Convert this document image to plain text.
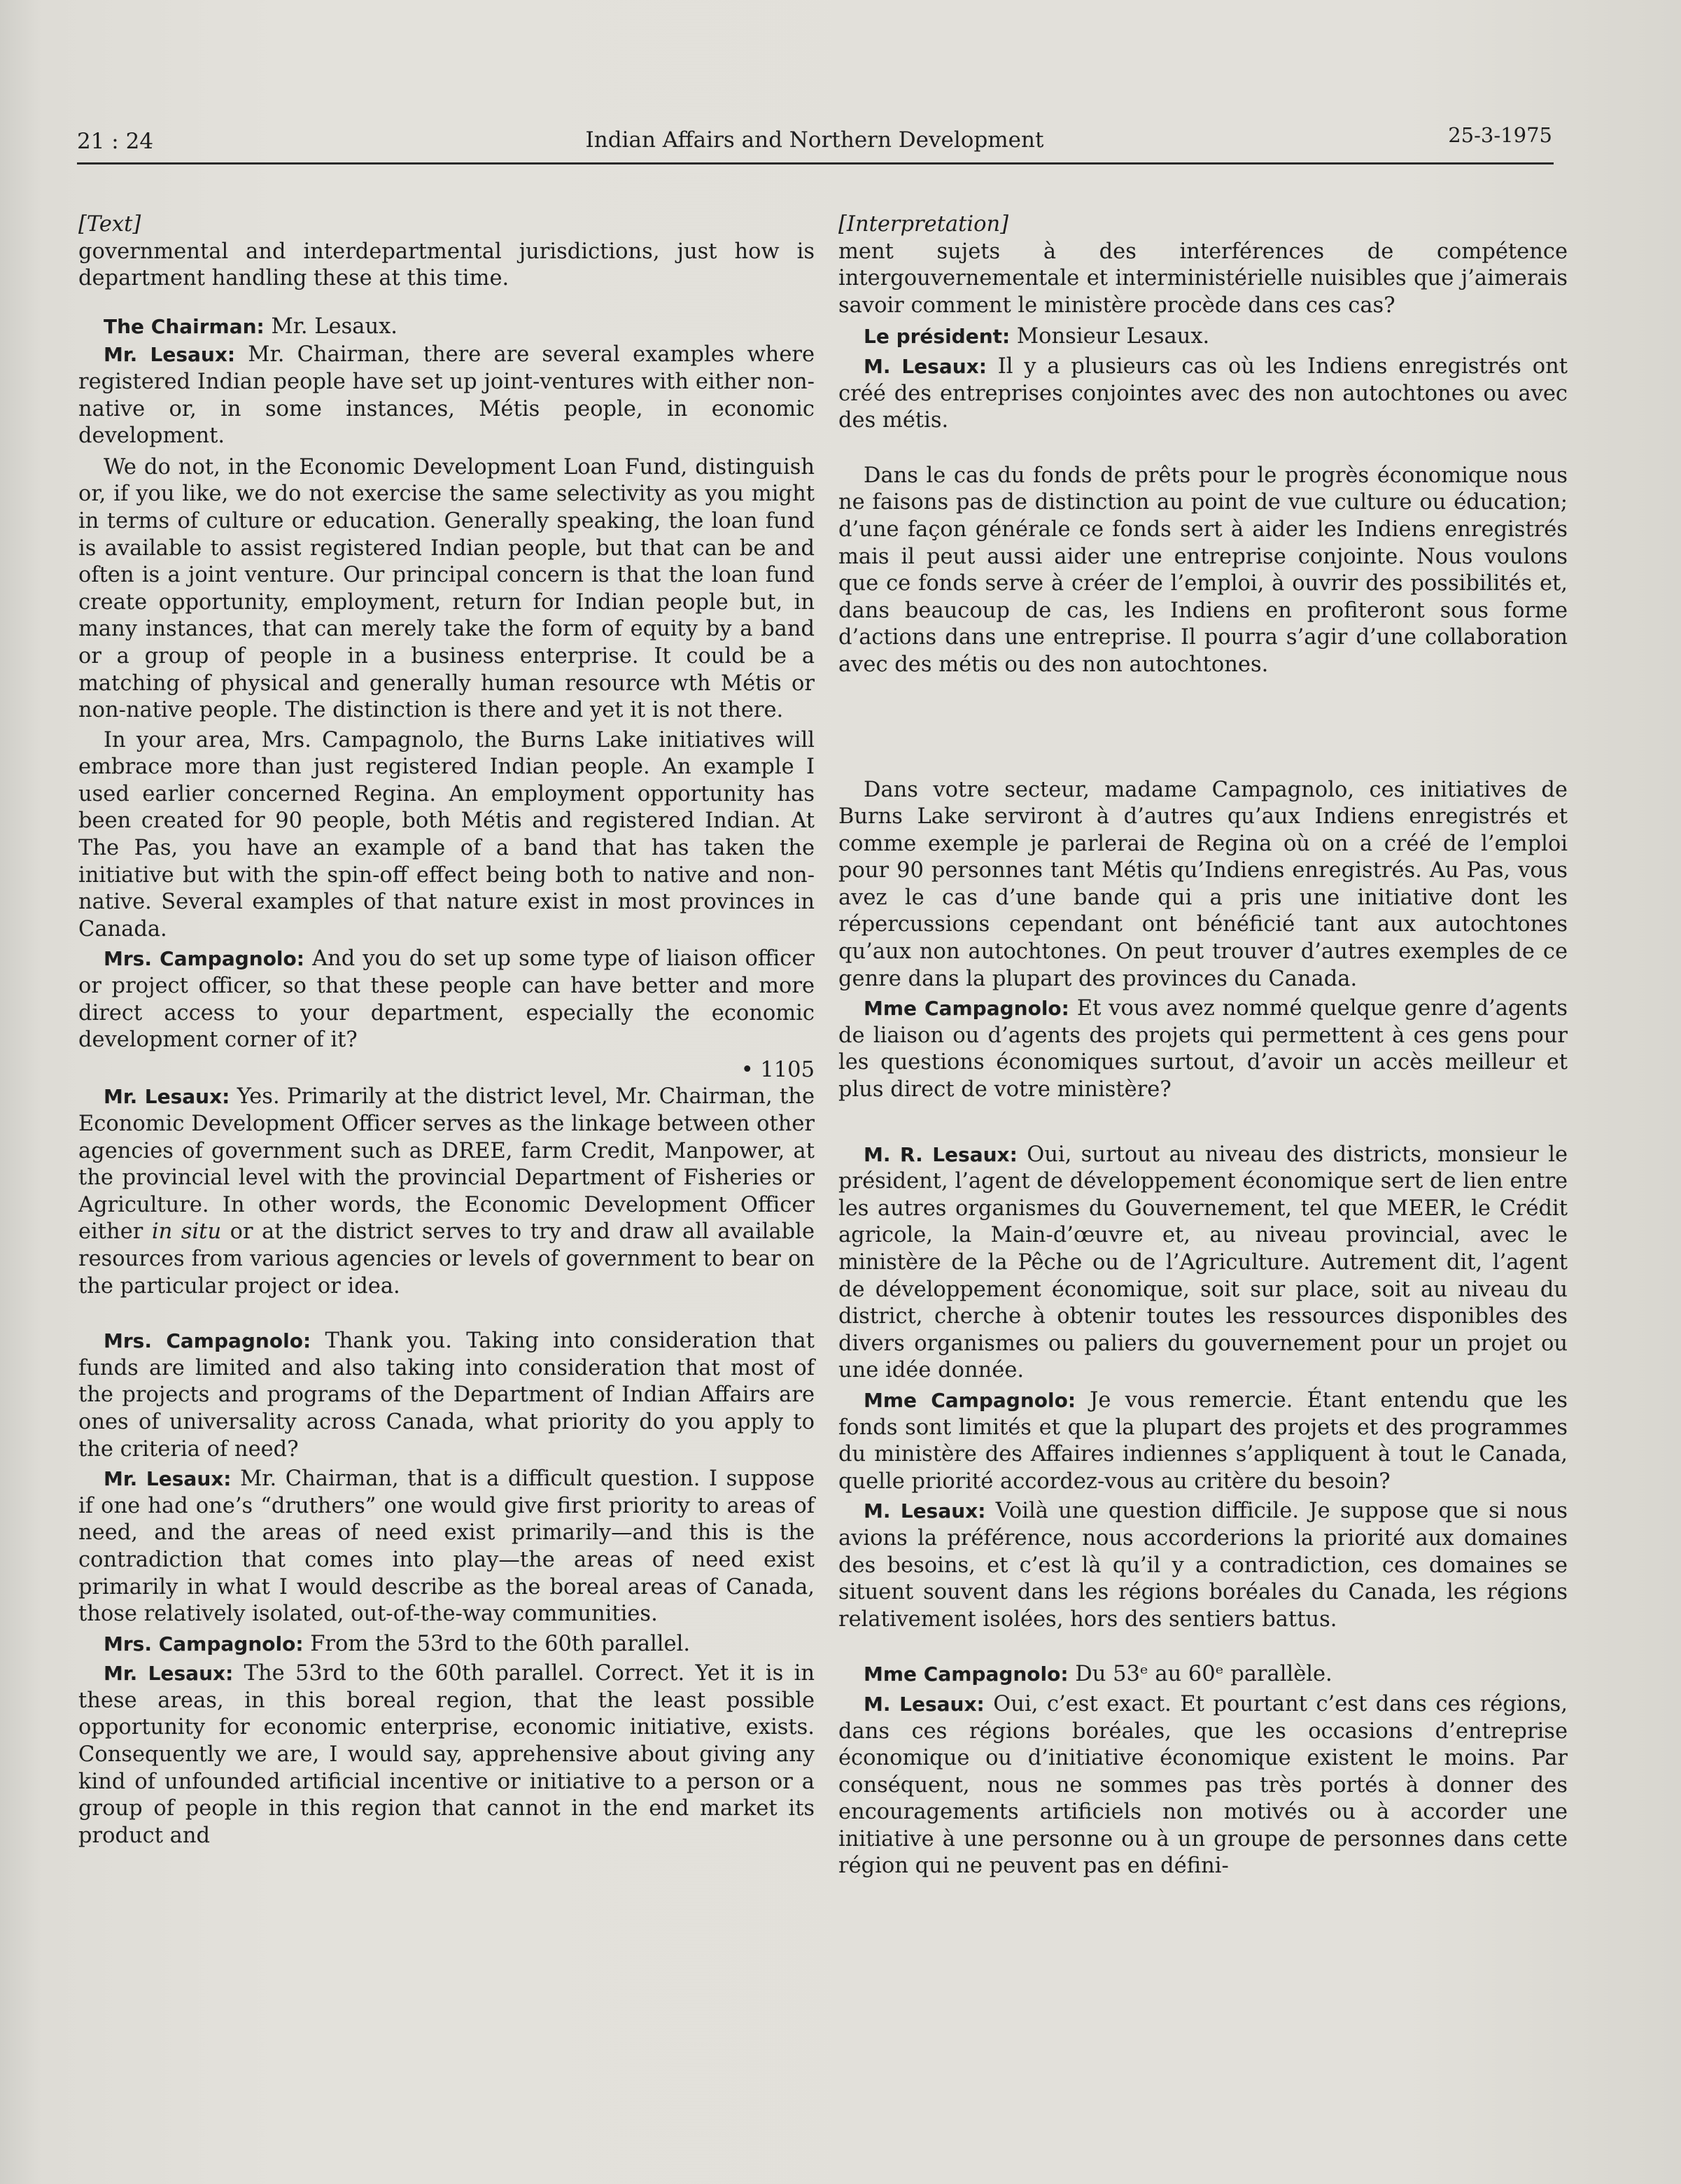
21 : 24	Indian Affairs and Northern Development	25-3-1975

[Text]

governmental and interdepartmental jurisdictions, just how is department handling these at this time.

The Chairman: Mr. Lesaux.

Mr. Lesaux: Mr. Chairman, there are several examples where registered Indian people have set up joint-ventures with either non-native or, in some instances, Métis people, in economic development.

We do not, in the Economic Development Loan Fund, distinguish or, if you like, we do not exercise the same selectivity as you might in terms of culture or education. Generally speaking, the loan fund is available to assist registered Indian people, but that can be and often is a joint venture. Our principal concern is that the loan fund create opportunity, employment, return for Indian people but, in many instances, that can merely take the form of equity by a band or a group of people in a business enterprise. It could be a matching of physical and generally human resource wth Métis or non-native people. The distinction is there and yet it is not there.

In your area, Mrs. Campagnolo, the Burns Lake initiatives will embrace more than just registered Indian people. An example I used earlier concerned Regina. An employment opportunity has been created for 90 people, both Métis and registered Indian. At The Pas, you have an example of a band that has taken the initiative but with the spin-off effect being both to native and non-native. Several examples of that nature exist in most provinces in Canada.

Mrs. Campagnolo: And you do set up some type of liaison officer or project officer, so that these people can have better and more direct access to your department, especially the economic development corner of it?

• 1105

Mr. Lesaux: Yes. Primarily at the district level, Mr. Chairman, the Economic Development Officer serves as the linkage between other agencies of government such as DREE, farm Credit, Manpower, at the provincial level with the provincial Department of Fisheries or Agriculture. In other words, the Economic Development Officer either in situ or at the district serves to try and draw all available resources from various agencies or levels of government to bear on the particular project or idea.

Mrs. Campagnolo: Thank you. Taking into consideration that funds are limited and also taking into consideration that most of the projects and programs of the Department of Indian Affairs are ones of universality across Canada, what priority do you apply to the criteria of need?

Mr. Lesaux: Mr. Chairman, that is a difficult question. I suppose if one had one’s “druthers” one would give first priority to areas of need, and the areas of need exist primarily—and this is the contradiction that comes into play—the areas of need exist primarily in what I would describe as the boreal areas of Canada, those relatively isolated, out-of-the-way communities.

Mrs. Campagnolo: From the 53rd to the 60th parallel.

Mr. Lesaux: The 53rd to the 60th parallel. Correct. Yet it is in these areas, in this boreal region, that the least possible opportunity for economic enterprise, economic initiative, exists. Consequently we are, I would say, apprehensive about giving any kind of unfounded artificial incentive or initiative to a person or a group of people in this region that cannot in the end market its product and

[Interpretation]

ment sujets à des interférences de compétence intergouvernementale et interministérielle nuisibles que j’aimerais savoir comment le ministère procède dans ces cas?

Le président: Monsieur Lesaux.

M. Lesaux: Il y a plusieurs cas où les Indiens enregistrés ont créé des entreprises conjointes avec des non autochtones ou avec des métis.

Dans le cas du fonds de prêts pour le progrès économique nous ne faisons pas de distinction au point de vue culture ou éducation; d’une façon générale ce fonds sert à aider les Indiens enregistrés mais il peut aussi aider une entreprise conjointe. Nous voulons que ce fonds serve à créer de l’emploi, à ouvrir des possibilités et, dans beaucoup de cas, les Indiens en profiteront sous forme d’actions dans une entreprise. Il pourra s’agir d’une collaboration avec des métis ou des non autochtones.

Dans votre secteur, madame Campagnolo, ces initiatives de Burns Lake serviront à d’autres qu’aux Indiens enregistrés et comme exemple je parlerai de Regina où on a créé de l’emploi pour 90 personnes tant Métis qu’Indiens enregistrés. Au Pas, vous avez le cas d’une bande qui a pris une initiative dont les répercussions cependant ont bénéficié tant aux autochtones qu’aux non autochtones. On peut trouver d’autres exemples de ce genre dans la plupart des provinces du Canada.

Mme Campagnolo: Et vous avez nommé quelque genre d’agents de liaison ou d’agents des projets qui permettent à ces gens pour les questions économiques surtout, d’avoir un accès meilleur et plus direct de votre ministère?

M. R. Lesaux: Oui, surtout au niveau des districts, monsieur le président, l’agent de développement économique sert de lien entre les autres organismes du Gouvernement, tel que MEER, le Crédit agricole, la Main-d’œuvre et, au niveau provincial, avec le ministère de la Pêche ou de l’Agriculture. Autrement dit, l’agent de développement économique, soit sur place, soit au niveau du district, cherche à obtenir toutes les ressources disponibles des divers organismes ou paliers du gouvernement pour un projet ou une idée donnée.

Mme Campagnolo: Je vous remercie. Étant entendu que les fonds sont limités et que la plupart des projets et des programmes du ministère des Affaires indiennes s’appliquent à tout le Canada, quelle priorité accordez-vous au critère du besoin?

M. Lesaux: Voilà une question difficile. Je suppose que si nous avions la préférence, nous accorderions la priorité aux domaines des besoins, et c’est là qu’il y a contradiction, ces domaines se situent souvent dans les régions boréales du Canada, les régions relativement isolées, hors des sentiers battus.

Mme Campagnolo: Du 53ᵉ au 60ᵉ parallèle.

M. Lesaux: Oui, c’est exact. Et pourtant c’est dans ces régions, dans ces régions boréales, que les occasions d’entreprise économique ou d’initiative économique existent le moins. Par conséquent, nous ne sommes pas très portés à donner des encouragements artificiels non motivés ou à accorder une initiative à une personne ou à un groupe de personnes dans cette région qui ne peuvent pas en défini-
